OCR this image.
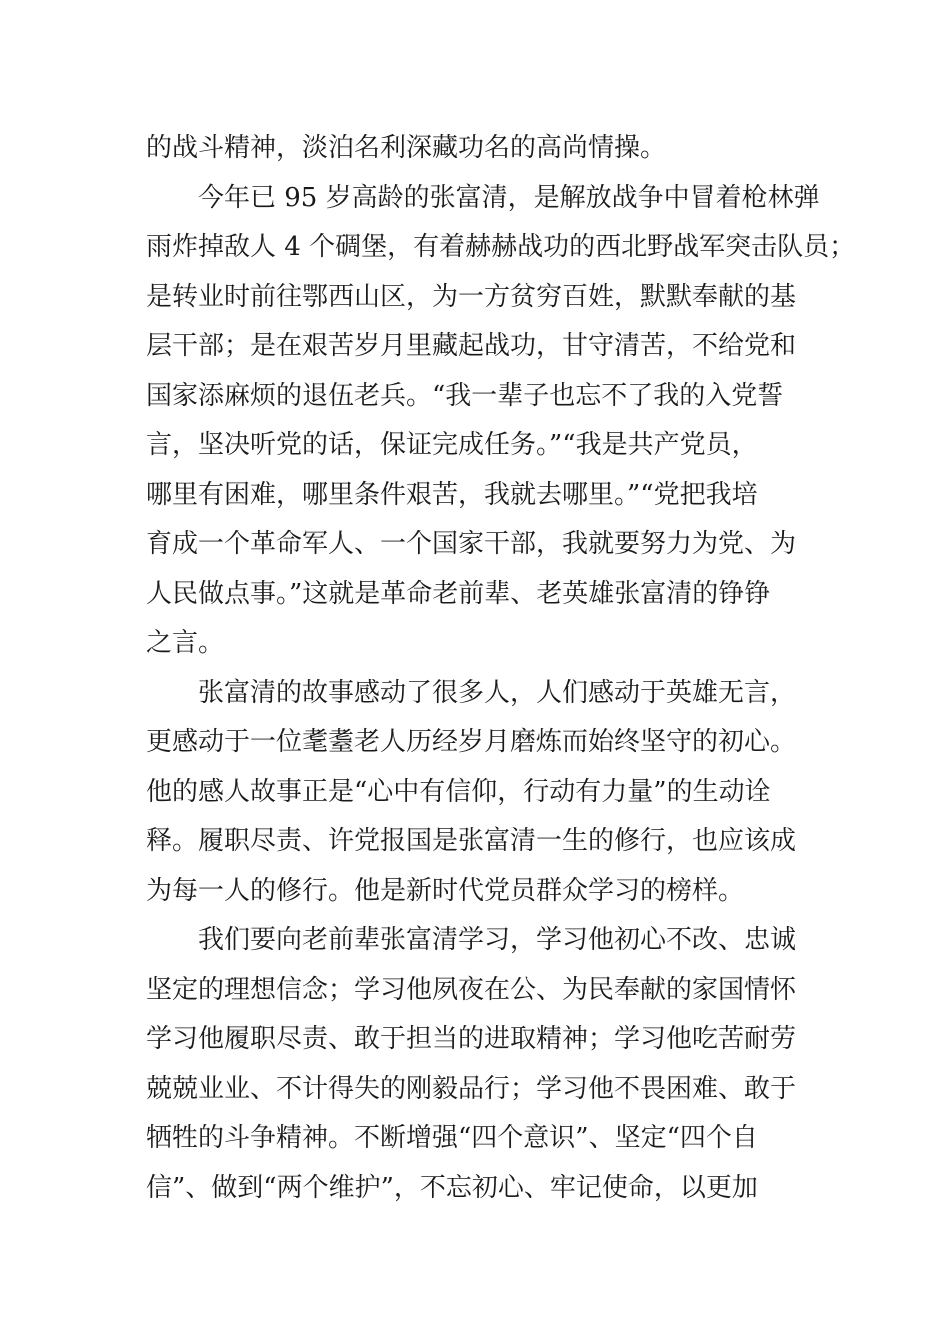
的战斗精神，淡泊名利深藏功名的高尚情操。
今年已 95 岁高龄的张富清，是解放战争中冒着枪林弹
雨炸掉敌人 4 个碉堡，有着赫赫战功的西北野战军突击队员；
是转业时前往鄂西山区，为一方贫穷百姓，默默奉献的基
层干部；是在艰苦岁月里藏起战功，甘守清苦，不给党和
国家添麻烦的退伍老兵。“我一辈子也忘不了我的入党誓
言，坚决听党的话，保证完成任务。”“我是共产党员，
哪里有困难，哪里条件艰苦，我就去哪里。”“党把我培
育成一个革命军人、一个国家干部，我就要努力为党、为
人民做点事。”这就是革命老前辈、老英雄张富清的铮铮
之言。
张富清的故事感动了很多人，人们感动于英雄无言，
更感动于一位耄耋老人历经岁月磨炼而始终坚守的初心。
他的感人故事正是“心中有信仰，行动有力量”的生动诠
释。履职尽责、许党报国是张富清一生的修行，也应该成
为每一人的修行。他是新时代党员群众学习的榜样。
我们要向老前辈张富清学习，学习他初心不改、忠诚
坚定的理想信念；学习他夙夜在公、为民奉献的家国情怀
学习他履职尽责、敢于担当的进取精神；学习他吃苦耐劳
兢兢业业、不计得失的刚毅品行；学习他不畏困难、敢于
牺牲的斗争精神。不断增强“四个意识”、坚定“四个自
信”、做到“两个维护”，不忘初心、牢记使命，以更加
